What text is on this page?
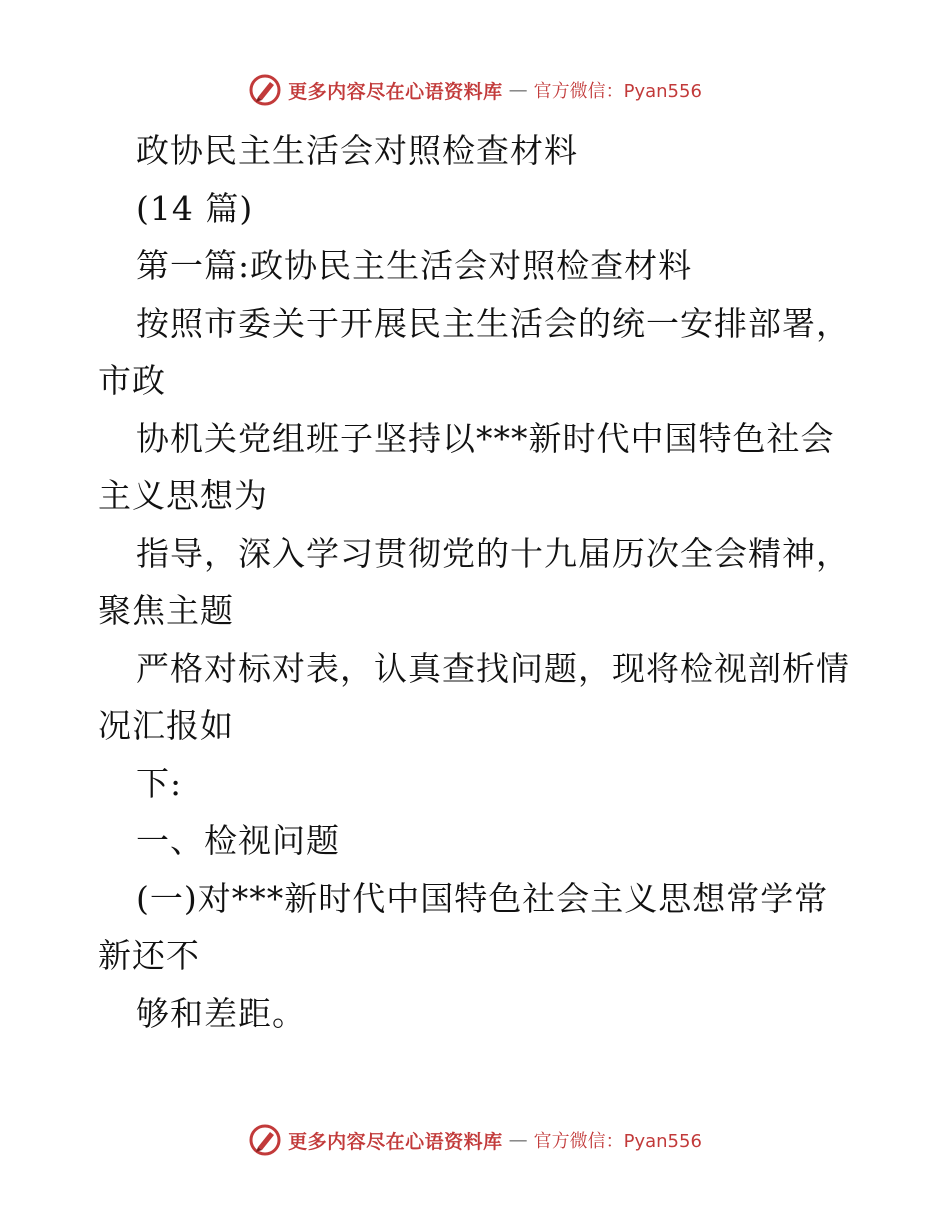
更多内容尽在心语资料库 — 官方微信：Pyan556
政协民主生活会对照检查材料
(14 篇)
第一篇:政协民主生活会对照检查材料
按照市委关于开展民主生活会的统一安排部署，
市政
协机关党组班子坚持以***新时代中国特色社会
主义思想为
指导，深入学习贯彻党的十九届历次全会精神，
聚焦主题
严格对标对表，认真查找问题，现将检视剖析情
况汇报如
下:
一、检视问题
(一)对***新时代中国特色社会主义思想常学常
新还不
够和差距。
更多内容尽在心语资料库 — 官方微信：Pyan556
